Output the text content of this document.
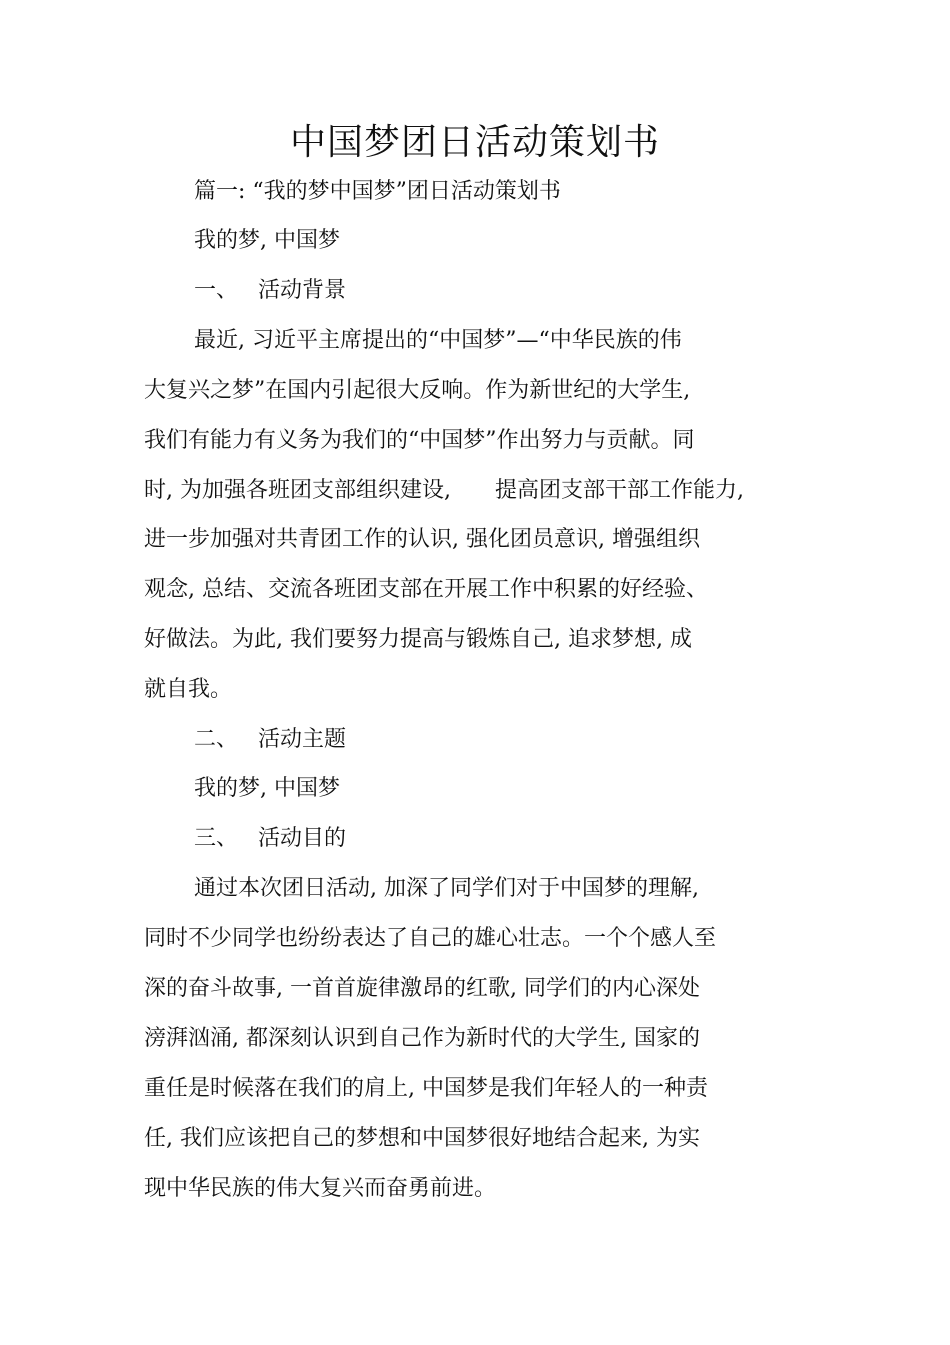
中国梦团日活动策划书
篇一: “我的梦中国梦”团日活动策划书
我的梦, 中国梦
一、 活动背景
最近, 习近平主席提出的“中国梦”—“中华民族的伟
大复兴之梦”在国内引起很大反响。作为新世纪的大学生,
我们有能力有义务为我们的“中国梦”作出努力与贡献。同
时, 为加强各班团支部组织建设,　　提高团支部干部工作能力,
进一步加强对共青团工作的认识, 强化团员意识, 增强组织
观念, 总结、交流各班团支部在开展工作中积累的好经验、
好做法。为此, 我们要努力提高与锻炼自己, 追求梦想, 成
就自我。
二、 活动主题
我的梦, 中国梦
三、 活动目的
通过本次团日活动, 加深了同学们对于中国梦的理解,
同时不少同学也纷纷表达了自己的雄心壮志。一个个感人至
深的奋斗故事, 一首首旋律激昂的红歌, 同学们的内心深处
滂湃汹涌, 都深刻认识到自己作为新时代的大学生, 国家的
重任是时候落在我们的肩上, 中国梦是我们年轻人的一种责
任, 我们应该把自己的梦想和中国梦很好地结合起来, 为实
现中华民族的伟大复兴而奋勇前进。
